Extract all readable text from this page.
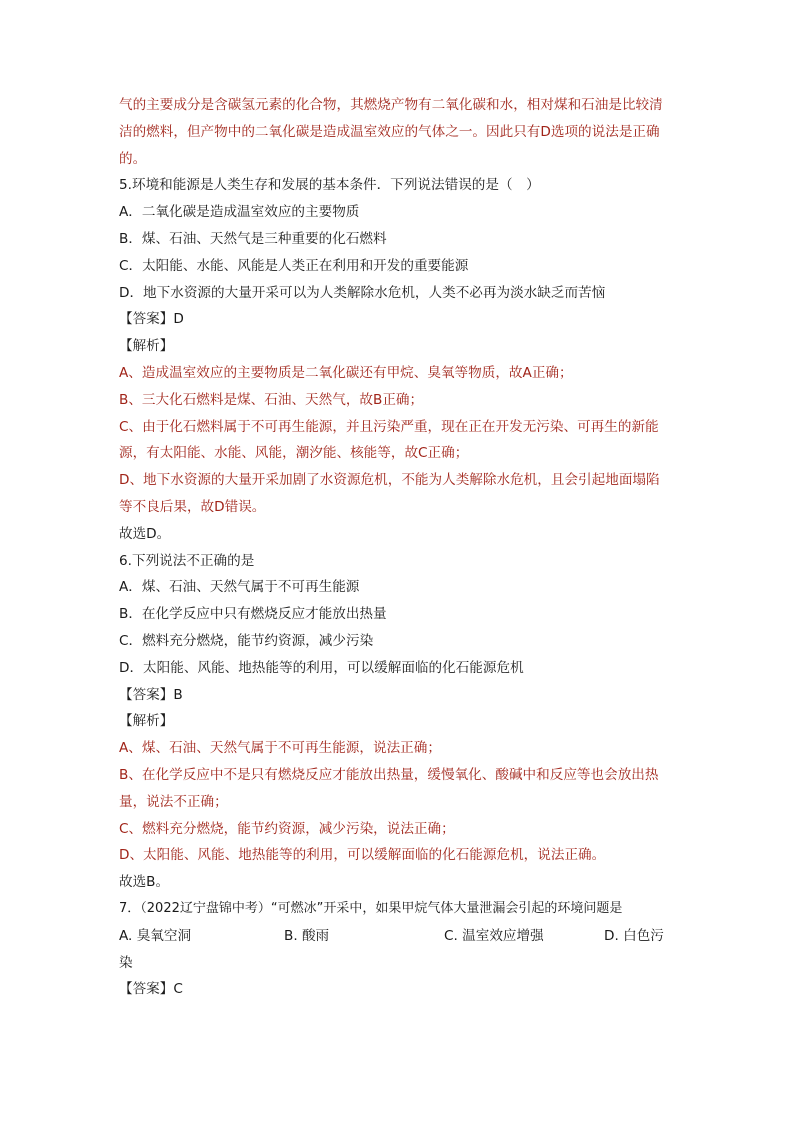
气的主要成分是含碳氢元素的化合物，其燃烧产物有二氧化碳和水，相对煤和石油是比较清
洁的燃料，但产物中的二氧化碳是造成温室效应的气体之一。因此只有D选项的说法是正确
的。
5.环境和能源是人类生存和发展的基本条件．下列说法错误的是（　）
A．二氧化碳是造成温室效应的主要物质
B．煤、石油、天然气是三种重要的化石燃料
C．太阳能、水能、风能是人类正在利用和开发的重要能源
D．地下水资源的大量开采可以为人类解除水危机，人类不必再为淡水缺乏而苦恼
【答案】D
【解析】
A、造成温室效应的主要物质是二氧化碳还有甲烷、臭氧等物质，故A正确；
B、三大化石燃料是煤、石油、天然气，故B正确；
C、由于化石燃料属于不可再生能源，并且污染严重，现在正在开发无污染、可再生的新能
源，有太阳能、水能、风能，潮汐能、核能等，故C正确；
D、地下水资源的大量开采加剧了水资源危机，不能为人类解除水危机，且会引起地面塌陷
等不良后果，故D错误。
故选D。
6.下列说法不正确的是
A．煤、石油、天然气属于不可再生能源
B．在化学反应中只有燃烧反应才能放出热量
C．燃料充分燃烧，能节约资源，减少污染
D．太阳能、风能、地热能等的利用，可以缓解面临的化石能源危机
【答案】B
【解析】
A、煤、石油、天然气属于不可再生能源，说法正确；
B、在化学反应中不是只有燃烧反应才能放出热量，缓慢氧化、酸碱中和反应等也会放出热
量，说法不正确；
C、燃料充分燃烧，能节约资源，减少污染，说法正确；
D、太阳能、风能、地热能等的利用，可以缓解面临的化石能源危机，说法正确。
故选B。
7．（2022辽宁盘锦中考）“可燃冰”开采中，如果甲烷气体大量泄漏会引起的环境问题是
A. 臭氧空洞	B. 酸雨	C. 温室效应增强	D. 白色污
染
【答案】C
